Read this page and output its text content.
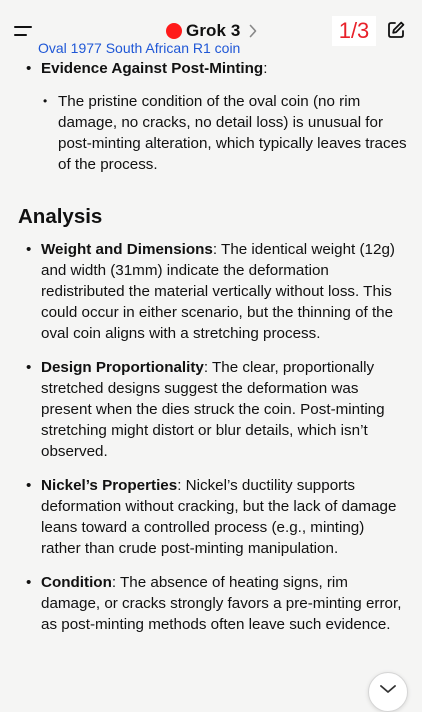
Grok 3	1/3
Oval 1977 South African R1 coin
• Evidence Against Post-Minting:
• The pristine condition of the oval coin (no rim damage, no cracks, no detail loss) is unusual for post-minting alteration, which typically leaves traces of the process.
Analysis
• Weight and Dimensions: The identical weight (12g) and width (31mm) indicate the deformation redistributed the material vertically without loss. This could occur in either scenario, but the thinning of the oval coin aligns with a stretching process.
• Design Proportionality: The clear, proportionally stretched designs suggest the deformation was present when the dies struck the coin. Post-minting stretching might distort or blur details, which isn’t observed.
• Nickel’s Properties: Nickel’s ductility supports deformation without cracking, but the lack of damage leans toward a controlled process (e.g., minting) rather than crude post-minting manipulation.
• Condition: The absence of heating signs, rim damage, or cracks strongly favors a pre-minting error, as post-minting methods often leave such evidence.
